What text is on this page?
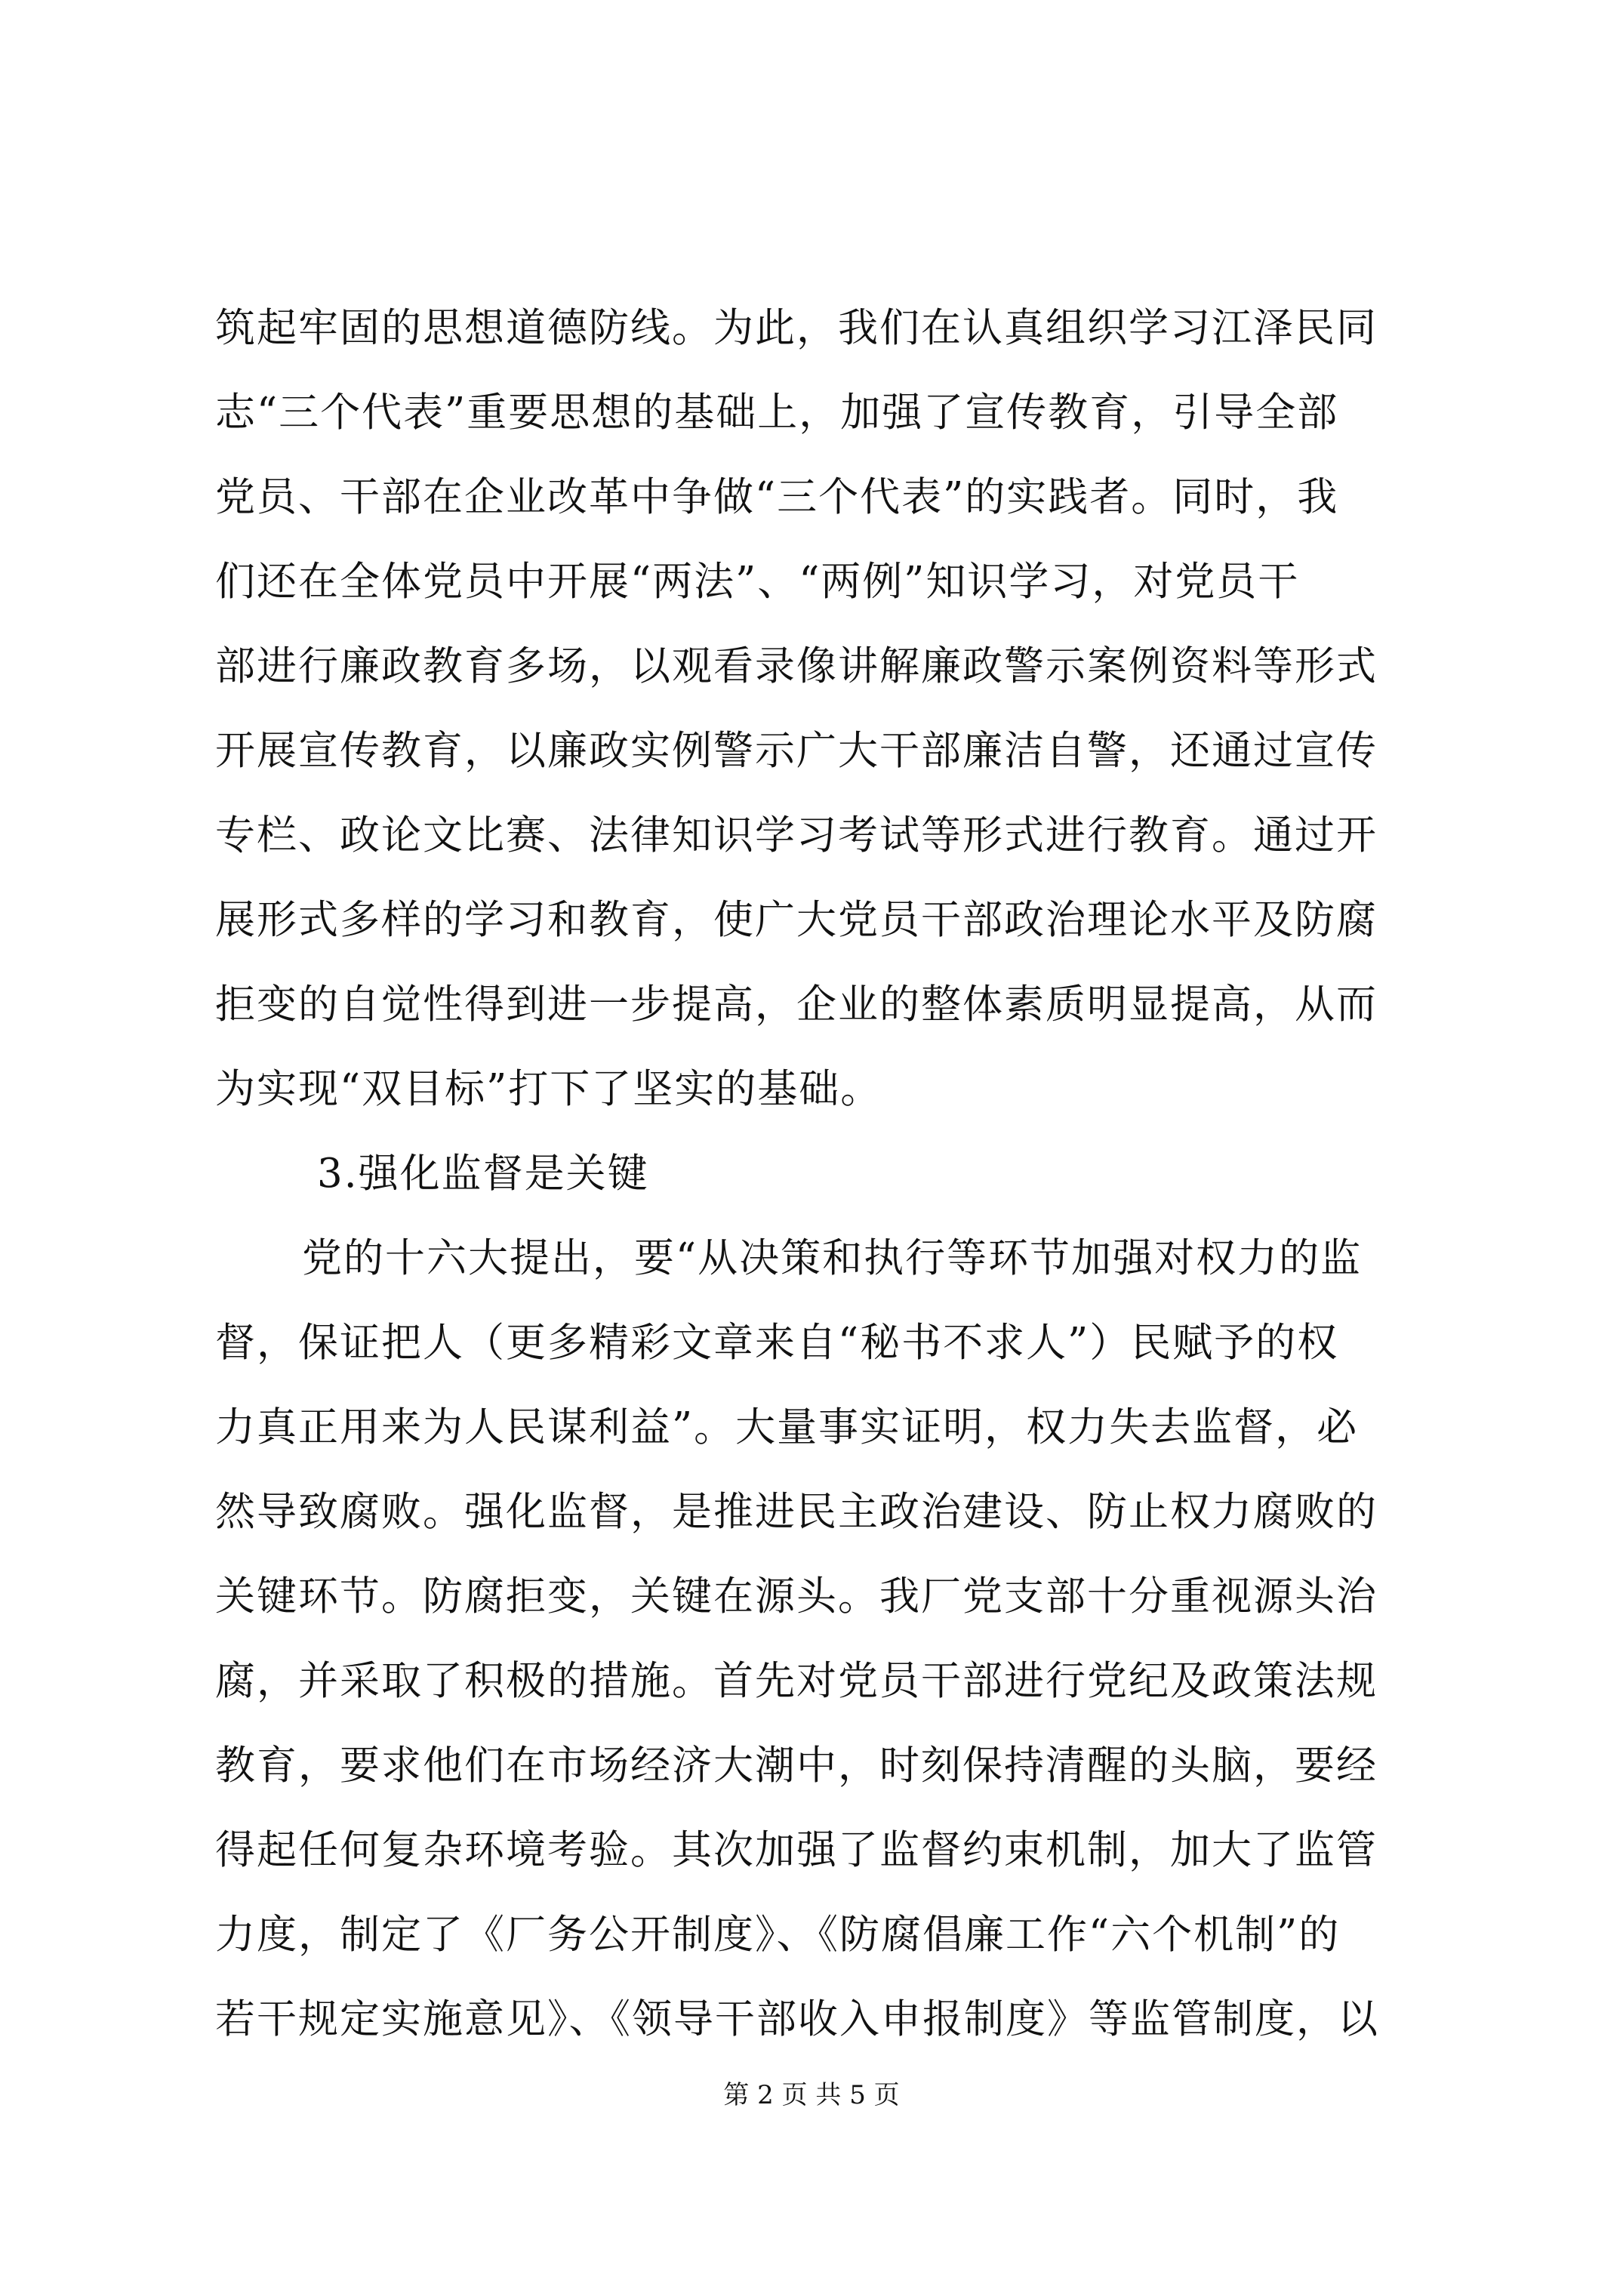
筑起牢固的思想道德防线。为此，我们在认真组织学习江泽民同
志“三个代表”重要思想的基础上，加强了宣传教育，引导全部
党员、干部在企业改革中争做“三个代表”的实践者。同时，我
们还在全体党员中开展“两法”、“两例”知识学习，对党员干
部进行廉政教育多场，以观看录像讲解廉政警示案例资料等形式
开展宣传教育，以廉政实例警示广大干部廉洁自警，还通过宣传
专栏、政论文比赛、法律知识学习考试等形式进行教育。通过开
展形式多样的学习和教育，使广大党员干部政治理论水平及防腐
拒变的自觉性得到进一步提高，企业的整体素质明显提高，从而
为实现“双目标”打下了坚实的基础。
3.强化监督是关键
党的十六大提出，要“从决策和执行等环节加强对权力的监
督，保证把人（更多精彩文章来自“秘书不求人”）民赋予的权
力真正用来为人民谋利益”。大量事实证明，权力失去监督，必
然导致腐败。强化监督，是推进民主政治建设、防止权力腐败的
关键环节。防腐拒变，关键在源头。我厂党支部十分重视源头治
腐，并采取了积极的措施。首先对党员干部进行党纪及政策法规
教育，要求他们在市场经济大潮中，时刻保持清醒的头脑，要经
得起任何复杂环境考验。其次加强了监督约束机制，加大了监管
力度，制定了《厂务公开制度》、《防腐倡廉工作“六个机制”的
若干规定实施意见》、《领导干部收入申报制度》等监管制度，以
第 2 页 共 5 页
